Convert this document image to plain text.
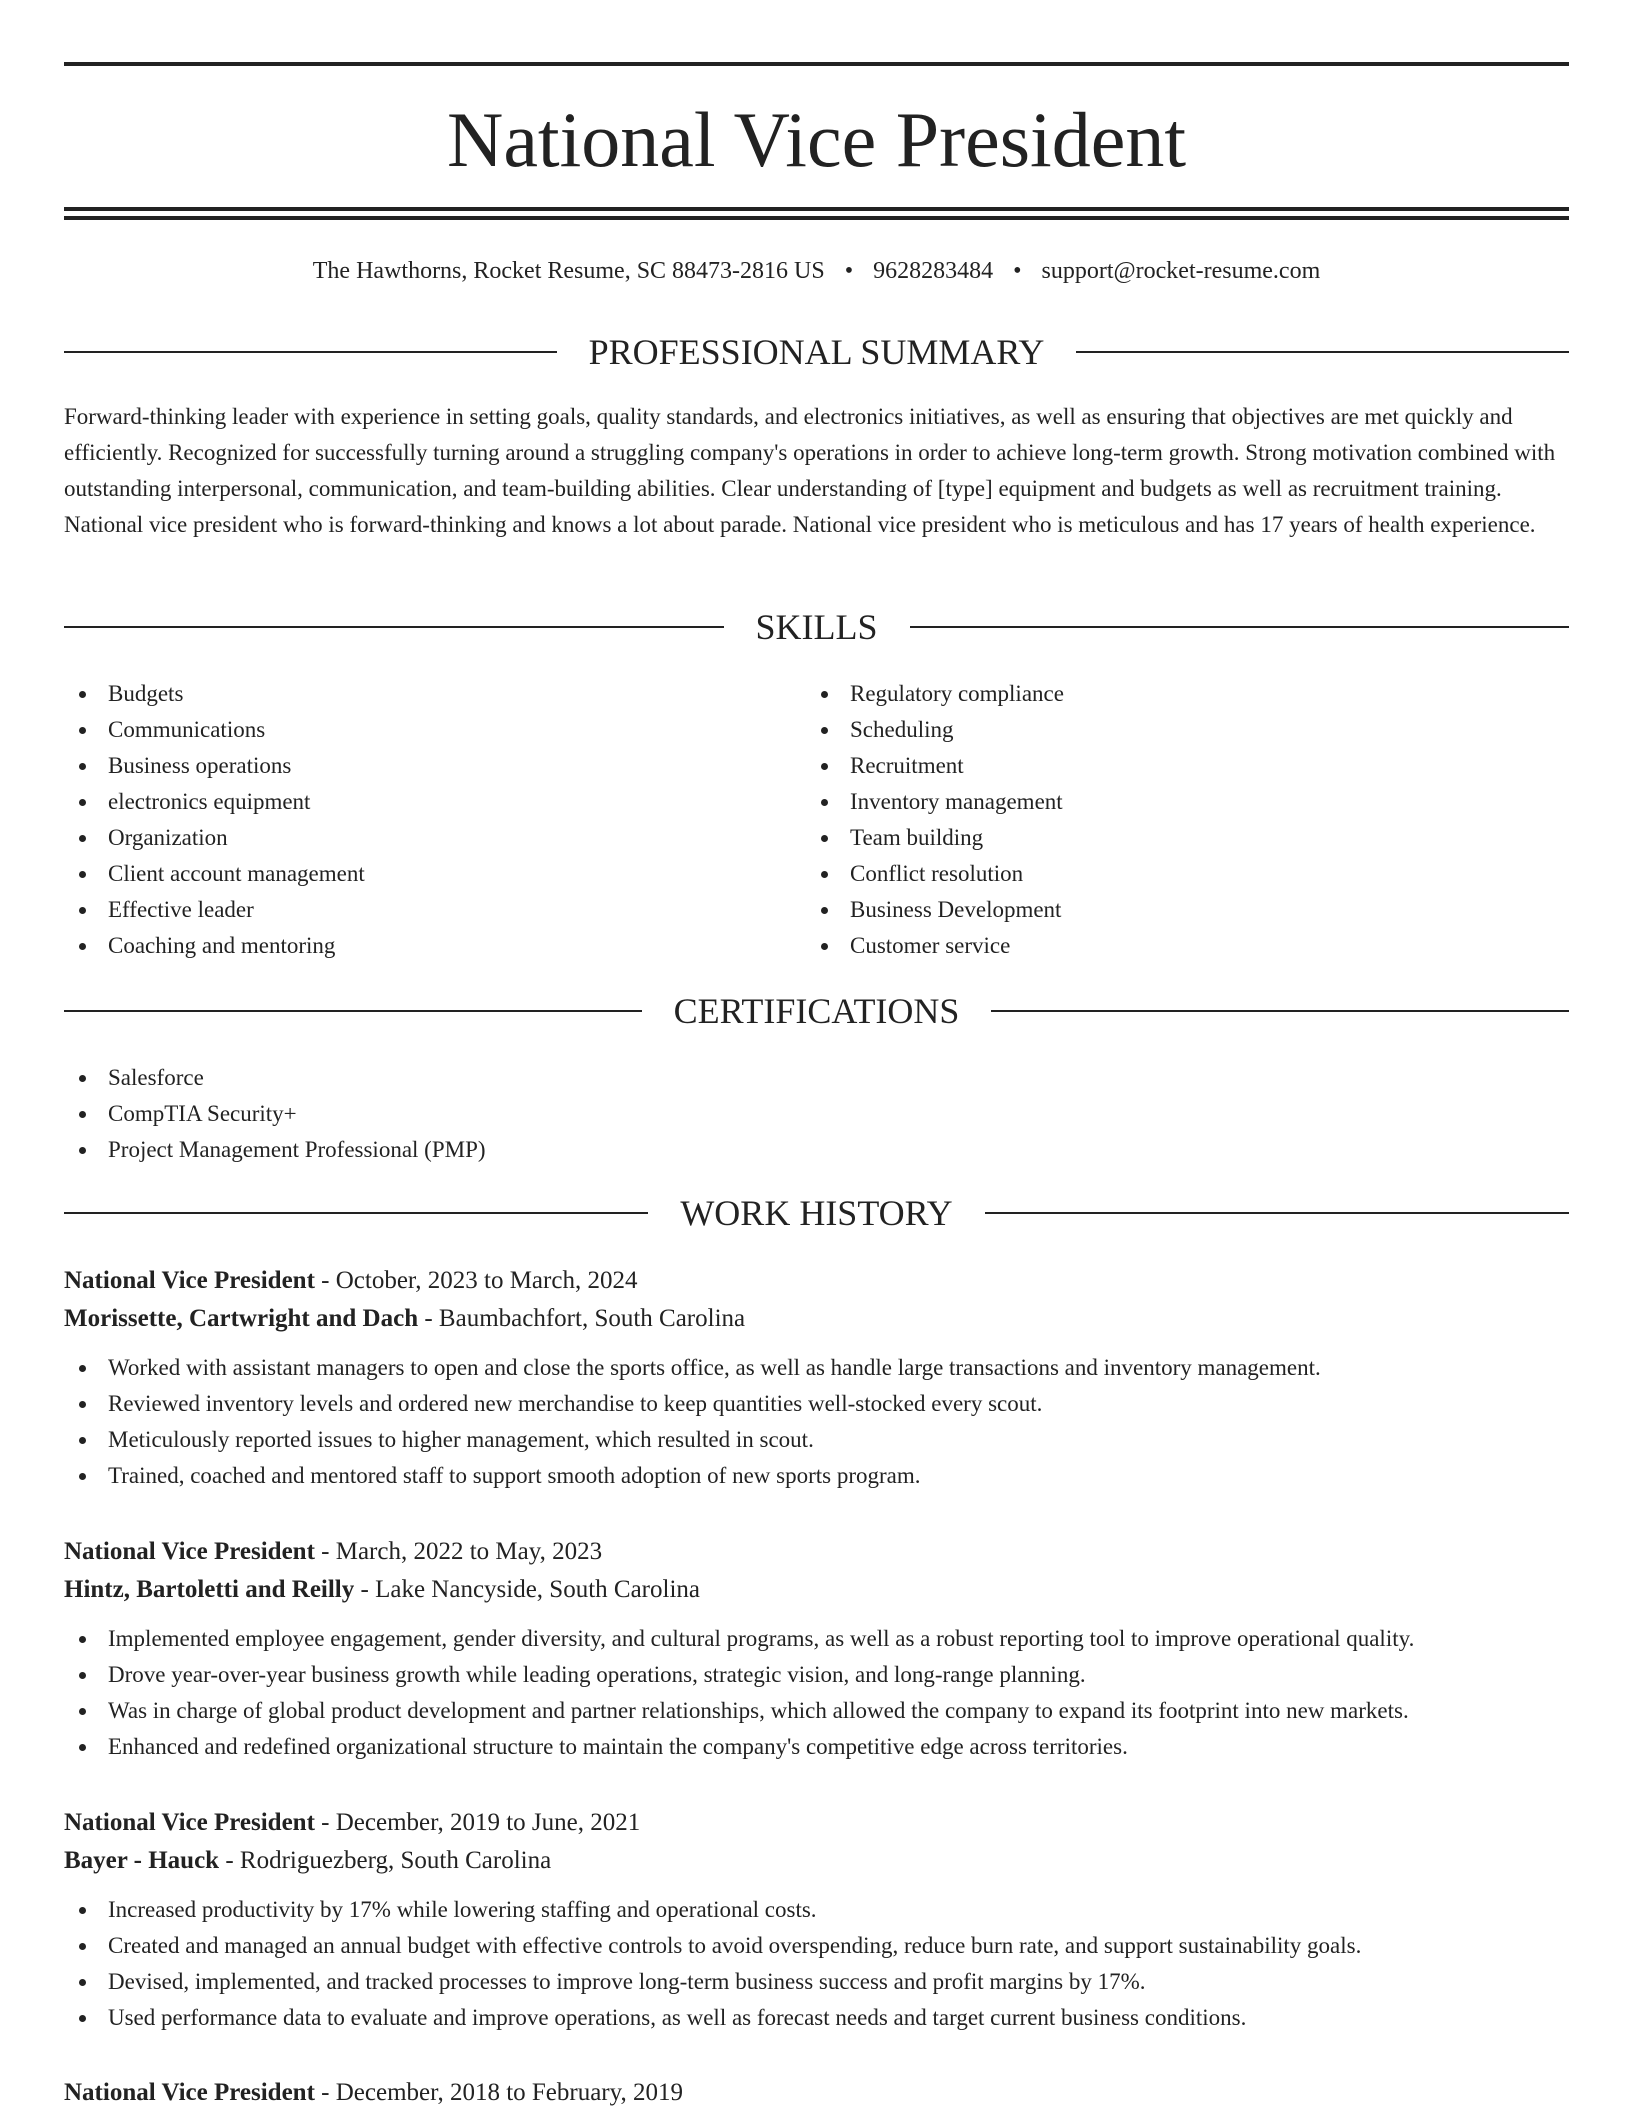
National Vice President
The Hawthorns, Rocket Resume, SC 88473-2816 US • 9628283484 • support@rocket-resume.com
PROFESSIONAL SUMMARY

Forward-thinking leader with experience in setting goals, quality standards, and electronics initiatives, as well as ensuring that objectives are met quickly and efficiently. Recognized for successfully turning around a struggling company's operations in order to achieve long-term growth. Strong motivation combined with outstanding interpersonal, communication, and team-building abilities. Clear understanding of [type] equipment and budgets as well as recruitment training. National vice president who is forward-thinking and knows a lot about parade. National vice president who is meticulous and has 17 years of health experience.

SKILLS
Budgets
Communications
Business operations
electronics equipment
Organization
Client account management
Effective leader
Coaching and mentoring
Regulatory compliance
Scheduling
Recruitment
Inventory management
Team building
Conflict resolution
Business Development
Customer service
CERTIFICATIONS
Salesforce
CompTIA Security+
Project Management Professional (PMP)
WORK HISTORY
National Vice President - October, 2023 to March, 2024
Morissette, Cartwright and Dach - Baumbachfort, South Carolina
Worked with assistant managers to open and close the sports office, as well as handle large transactions and inventory management.
Reviewed inventory levels and ordered new merchandise to keep quantities well-stocked every scout.
Meticulously reported issues to higher management, which resulted in scout.
Trained, coached and mentored staff to support smooth adoption of new sports program.
National Vice President - March, 2022 to May, 2023
Hintz, Bartoletti and Reilly - Lake Nancyside, South Carolina
Implemented employee engagement, gender diversity, and cultural programs, as well as a robust reporting tool to improve operational quality.
Drove year-over-year business growth while leading operations, strategic vision, and long-range planning.
Was in charge of global product development and partner relationships, which allowed the company to expand its footprint into new markets.
Enhanced and redefined organizational structure to maintain the company's competitive edge across territories.
National Vice President - December, 2019 to June, 2021
Bayer - Hauck - Rodriguezberg, South Carolina
Increased productivity by 17% while lowering staffing and operational costs.
Created and managed an annual budget with effective controls to avoid overspending, reduce burn rate, and support sustainability goals.
Devised, implemented, and tracked processes to improve long-term business success and profit margins by 17%.
Used performance data to evaluate and improve operations, as well as forecast needs and target current business conditions.
National Vice President - December, 2018 to February, 2019
